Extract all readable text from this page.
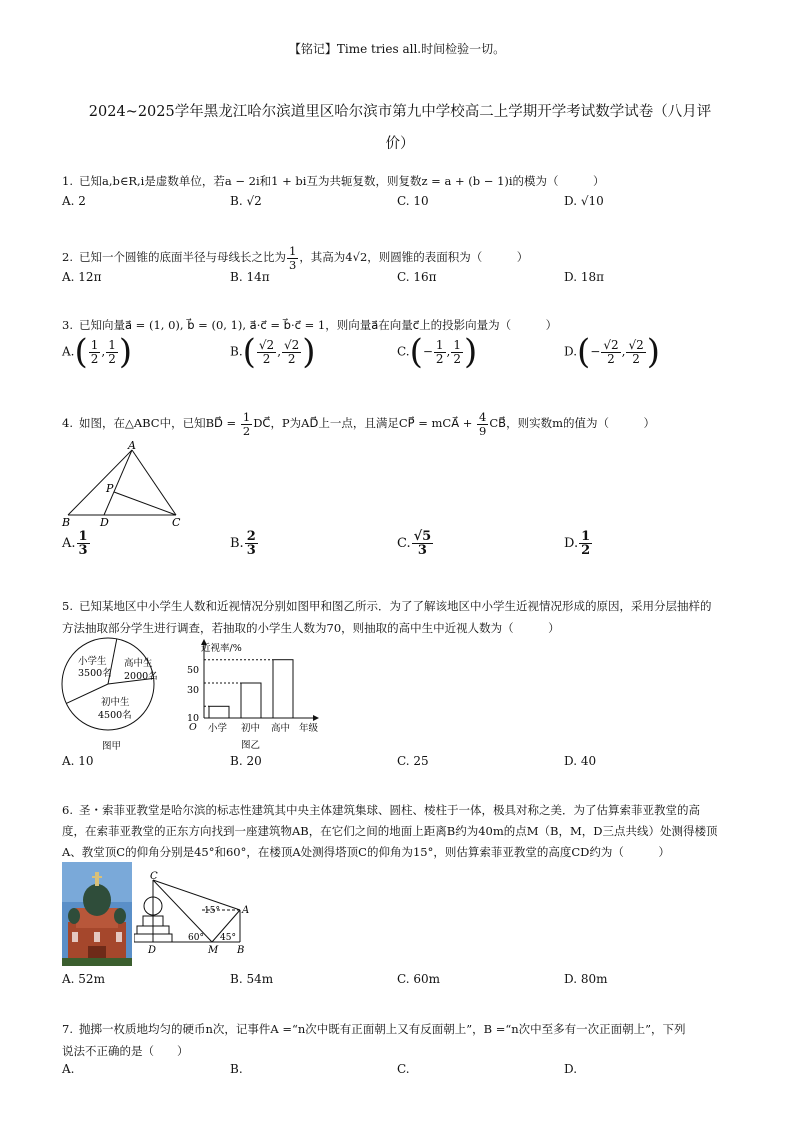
【铭记】Time tries all.时间检验一切。
2024~2025学年黑龙江哈尔滨道里区哈尔滨市第九中学校高二上学期开学考试数学试卷（八月评
价）
1. 已知a,b∈R,i是虚数单位，若a − 2i和1 + bi互为共轭复数，则复数z = a + (b − 1)i的模为（　　　）
A. 2	B. √2	C. 10	D. √10
2. 已知一个圆锥的底面半径与母线长之比为 $\frac{1}{3}$ ，其高为4√2，则圆锥的表面积为（　　　）
A. 12π	B. 14π	C. 16π	D. 18π
3. 已知向量a⃗ = (1, 0), b⃗ = (0, 1), a⃗·c⃗ = b⃗·c⃗ = 1，则向量a⃗在向量c⃗上的投影向量为（　　　）
$A.( \frac{1}{2}$ , $\frac{1}{2}$ )	$B.( \frac{√2}{2}$ , $\frac{√2}{2}$ )	$C.(- \frac{1}{2}$ , $\frac{1}{2}$ )	$D.(- \frac{√2}{2}$ , $\frac{√2}{2}$ )
4. 如图，在△ABC中，已知BD⃗ = $\frac{1}{2}$ DC⃗，P为AD⃗上一点，且满足CP⃗ = mCA⃗ + $\frac{4}{9}$ CB⃗，则实数m的值为（　　　）
A
B	D	C
P
A. $\frac{1}{3}$	B. $\frac{2}{3}$	C. $\frac{√5}{3}$	D. $\frac{1}{2}$
5. 已知某地区中小学生人数和近视情况分别如图甲和图乙所示．为了了解该地区中小学生近视情况形成的原因，采用分层抽样的
方法抽取部分学生进行调查，若抽取的小学生人数为70，则抽取的高中生中近视人数为（　　　）
小学生
3500名
高中生
2000名
初中生
4500名
图甲
近视率/%
O
10
30
50
小学 初中 高中 年级
图乙
A. 10	B. 20	C. 25	D. 40
6. 圣・索菲亚教堂是哈尔滨的标志性建筑其中央主体建筑集球、圆柱、棱柱于一体，极具对称之美．为了估算索菲亚教堂的高
度，在索菲亚教堂的正东方向找到一座建筑物AB，在它们之间的地面上距离B约为40m的点M（B，M，D三点共线）处测得楼顶
A、教堂顶C的仰角分别是45°和60°，在楼顶A处测得塔顶C的仰角为15°，则估算索菲亚教堂的高度CD约为（　　　）
C
A
D	M B
15°
60° 45°
A. 52m	B. 54m	C. 60m	D. 80m
7. 抛掷一枚质地均匀的硬币n次，记事件A =“n次中既有正面朝上又有反面朝上”，B =“n次中至多有一次正面朝上”，下列
说法不正确的是（　　）
A.	B.	C.	D.
